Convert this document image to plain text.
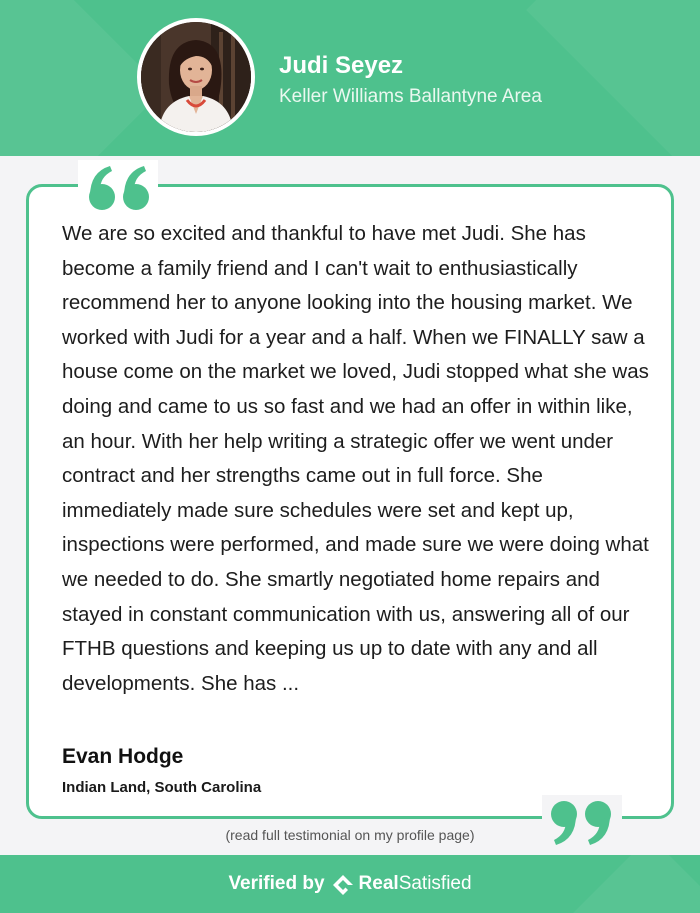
Judi Seyez
Keller Williams Ballantyne Area
We are so excited and thankful to have met Judi. She has become a family friend and I can't wait to enthusiastically recommend her to anyone looking into the housing market. We worked with Judi for a year and a half. When we FINALLY saw a house come on the market we loved, Judi stopped what she was doing and came to us so fast and we had an offer in within like, an hour. With her help writing a strategic offer we went under contract and her strengths came out in full force. She immediately made sure schedules were set and kept up, inspections were performed, and made sure we were doing what we needed to do. She smartly negotiated home repairs and stayed in constant communication with us, answering all of our FTHB questions and keeping us up to date with any and all developments. She has ...
Evan Hodge
Indian Land, South Carolina
(read full testimonial on my profile page)
Verified by Real Satisfied
